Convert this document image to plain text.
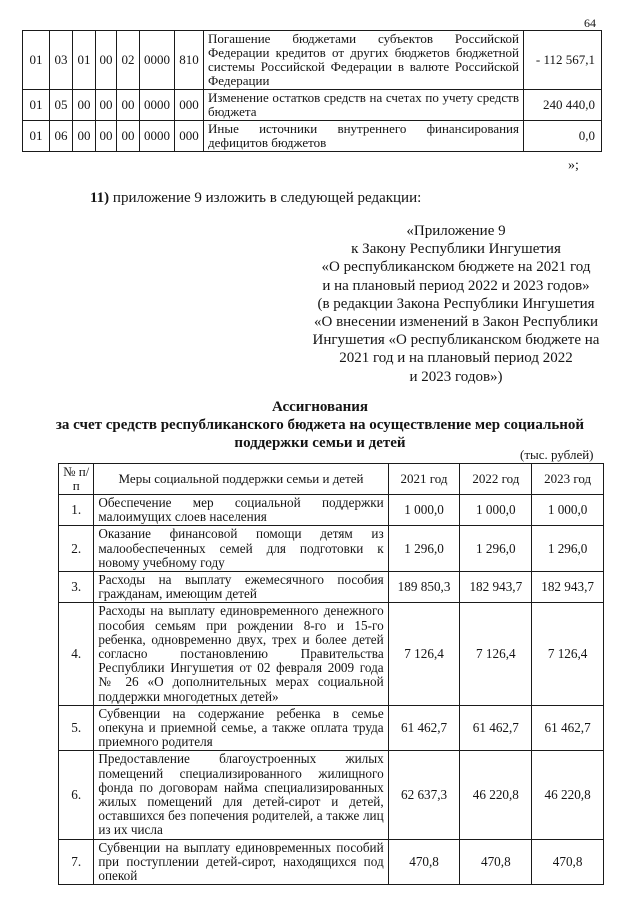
64
01	03	01	00	02	0000	810	Погашение бюджетами субъектов Российской Федерации кредитов от других бюджетов бюджетной системы Российской Федерации в валюте Российской Федерации	- 112 567,1
01	05	00	00	00	0000	000	Изменение остатков средств на счетах по учету средств бюджета	240 440,0
01	06	00	00	00	0000	000	Иные источники внутреннего финансирования дефицитов бюджетов	0,0
»;
11) приложение 9 изложить в следующей редакции:
«Приложение 9
к Закону Республики Ингушетия
«О республиканском бюджете на 2021 год
и на плановый период 2022 и 2023 годов»
(в редакции Закона Республики Ингушетия
«О внесении изменений в Закон Республики
Ингушетия «О республиканском бюджете на
2021 год и на плановый период 2022
и 2023 годов»)
Ассигнования
за счет средств республиканского бюджета на осуществление мер социальной
поддержки семьи и детей
(тыс. рублей)
№ п/п	Меры социальной поддержки семьи и детей	2021 год	2022 год	2023 год
1.	Обеспечение мер социальной поддержки малоимущих слоев населения	1 000,0	1 000,0	1 000,0
2.	Оказание финансовой помощи детям из малообеспеченных семей для подготовки к новому учебному году	1 296,0	1 296,0	1 296,0
3.	Расходы на выплату ежемесячного пособия гражданам, имеющим детей	189 850,3	182 943,7	182 943,7
4.	Расходы на выплату единовременного денежного пособия семьям при рождении 8-го и 15-го ребенка, одновременно двух, трех и более детей согласно постановлению Правительства Республики Ингушетия от 02 февраля 2009 года № 26 «О дополнительных мерах социальной поддержки многодетных детей»	7 126,4	7 126,4	7 126,4
5.	Субвенции на содержание ребенка в семье опекуна и приемной семье, а также оплата труда приемного родителя	61 462,7	61 462,7	61 462,7
6.	Предоставление благоустроенных жилых помещений специализированного жилищного фонда по договорам найма специализированных жилых помещений для детей-сирот и детей, оставшихся без попечения родителей, а также лиц из их числа	62 637,3	46 220,8	46 220,8
7.	Субвенции на выплату единовременных пособий при поступлении детей-сирот, находящихся под опекой	470,8	470,8	470,8
